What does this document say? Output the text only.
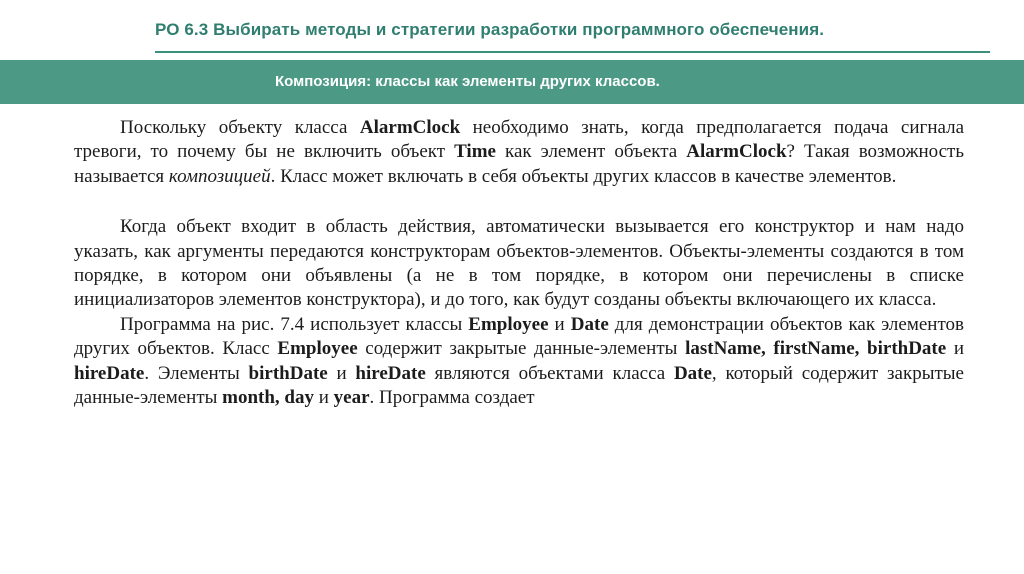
РО 6.3 Выбирать методы и стратегии разработки программного обеспечения.
Композиция: классы как элементы других классов.

Поскольку объекту класса AlarmClock необходимо знать, когда предполагается подача сигнала тревоги, то почему бы не включить объект Time как элемент объекта AlarmClock? Такая возможность называется композицией. Класс может включать в себя объекты других классов в качестве элементов.

Когда объект входит в область действия, автоматически вызывается его конструктор и нам надо указать, как аргументы передаются конструкторам объектов-элементов. Объекты-элементы создаются в том порядке, в котором они объявлены (а не в том порядке, в котором они перечислены в списке инициализаторов элементов конструктора), и до того, как будут созданы объекты включающего их класса.

Программа на рис. 7.4 использует классы Employee и Date для демонстрации объектов как элементов других объектов. Класс Employee содержит закрытые данные-элементы lastName, firstName, birthDate и hireDate. Элементы birthDate и hireDate являются объектами класса Date, который содержит закрытые данные-элементы month, day и year. Программа создает
